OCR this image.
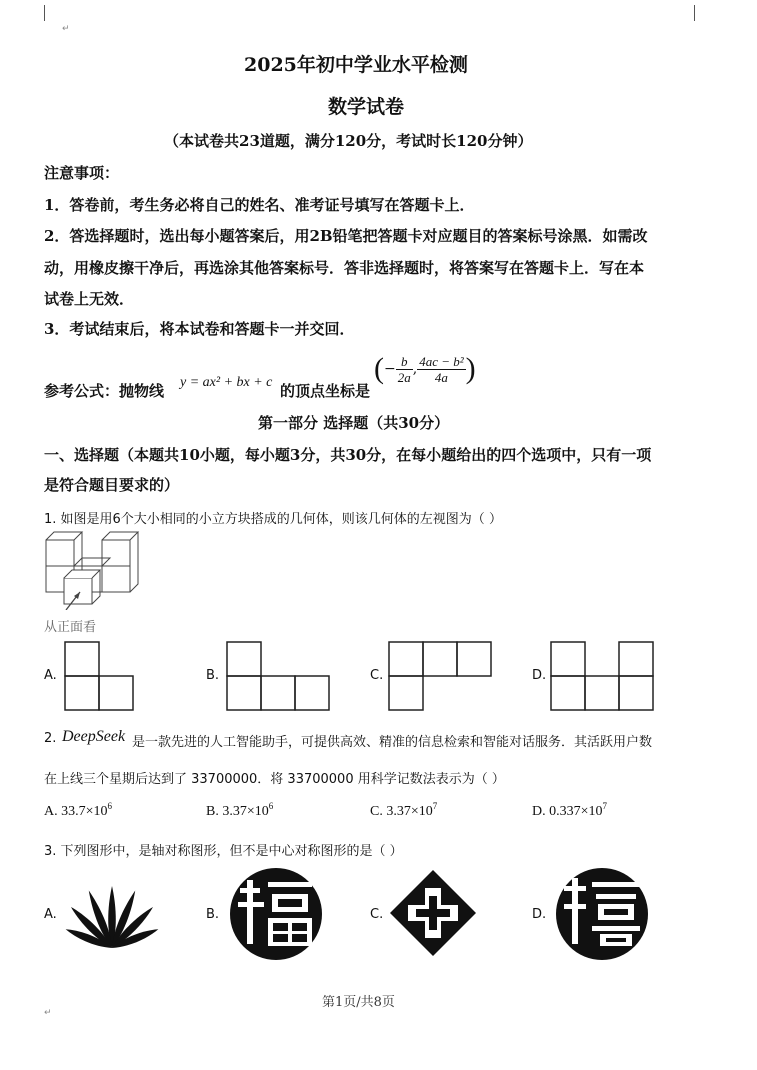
↵
2025年初中学业水平检测
数学试卷
（本试卷共23道题，满分120分，考试时长120分钟）
注意事项：
1．答卷前，考生务必将自己的姓名、准考证号填写在答题卡上．
2．答选择题时，选出每小题答案后，用2B铅笔把答题卡对应题目的答案标号涂黑．如需改
动，用橡皮擦干净后，再选涂其他答案标号．答非选择题时，将答案写在答题卡上．写在本
试卷上无效．
3．考试结束后，将本试卷和答题卡一并交回．
参考公式：抛物线 y = ax² + bx + c 的顶点坐标是
(− $\frac{b}{2a}$ , $\frac{\text{4ac − b²}}{4a}$ )
第一部分 选择题（共30分）
一、选择题（本题共10小题，每小题3分，共30分，在每小题给出的四个选项中，只有一项
是符合题目要求的）
1. 如图是用6个大小相同的小立方块搭成的几何体，则该几何体的左视图为（ ）
从正面看
A.	B.	C.	D.
2. DeepSeek 是一款先进的人工智能助手，可提供高效、精准的信息检索和智能对话服务．其活跃用户数
在上线三个星期后达到了 33700000．将 33700000 用科学记数法表示为（ ）
A. $33.7\times 10^6$	B. $3.37\times 10^6$	C. $3.37\times 10^7$	D. $0.337\times 10^7$
3. 下列图形中，是轴对称图形，但不是中心对称图形的是（ ）
A.	B.	C.	D.
第1页/共8页
↵
